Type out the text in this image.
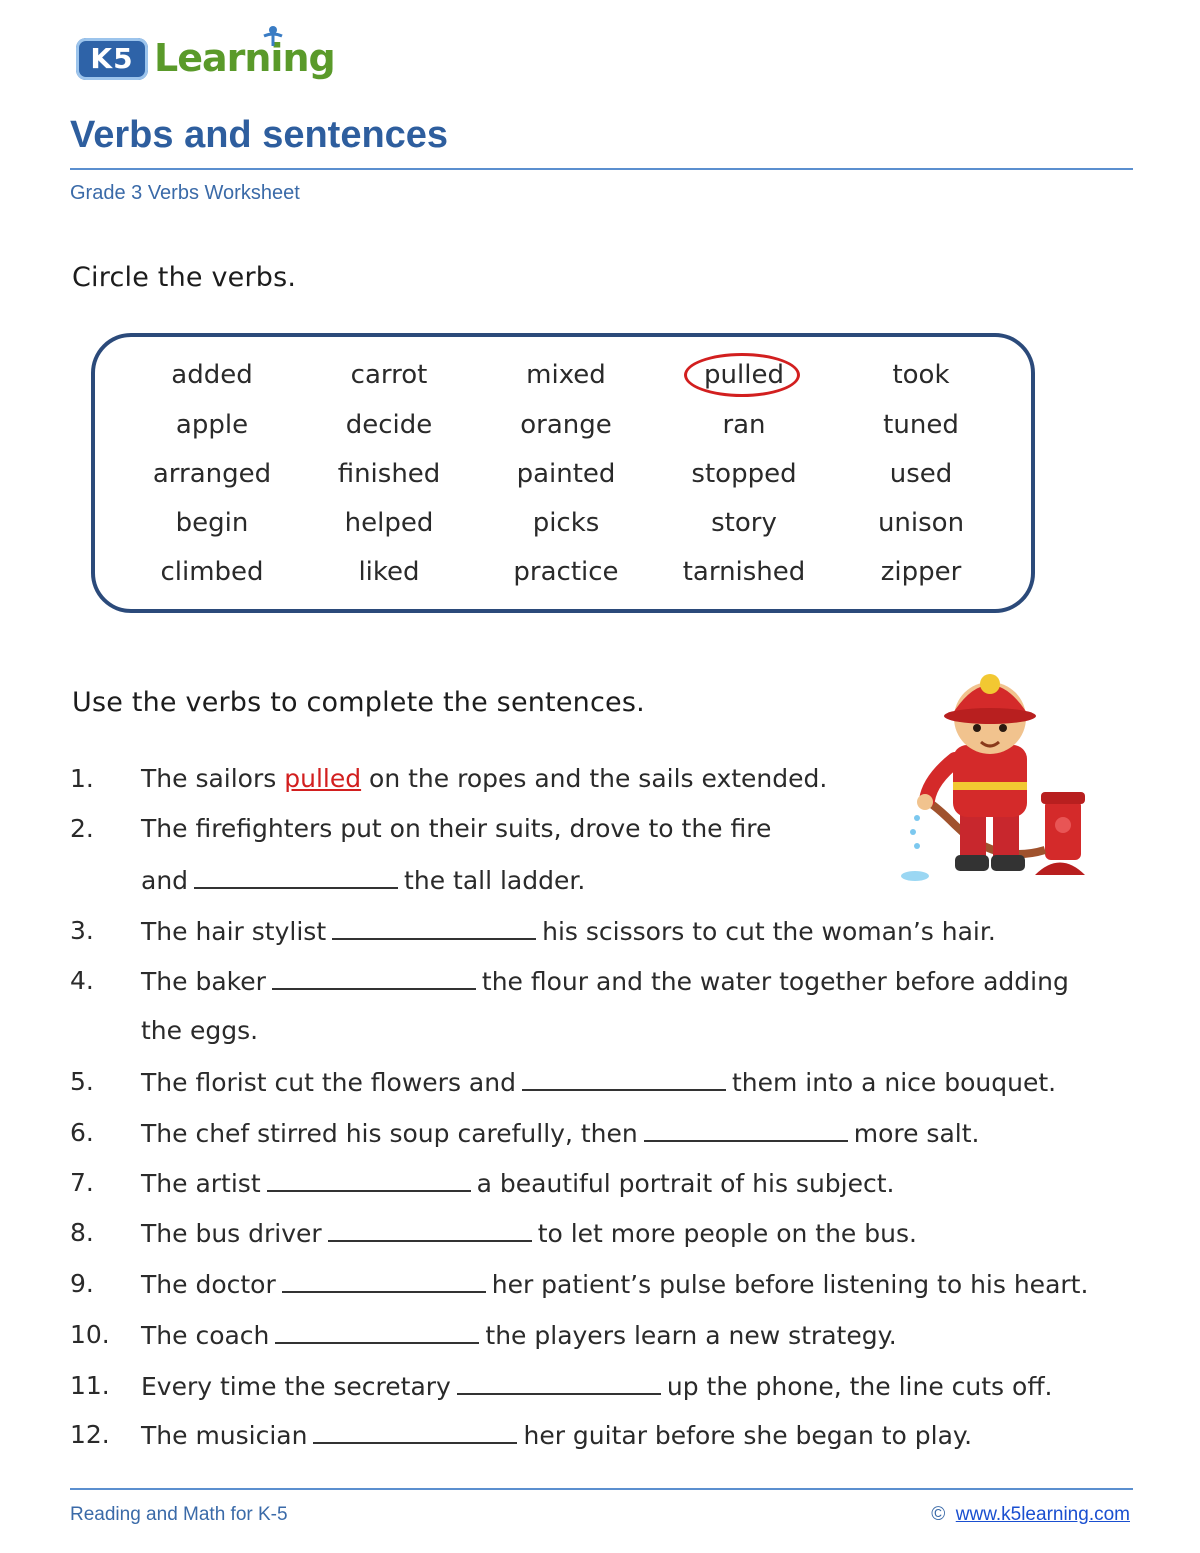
K5 Learning
Verbs and sentences
Grade 3 Verbs Worksheet
Circle the verbs.
added	carrot	mixed	pulled	took
apple	decide	orange	ran	tuned
arranged	finished	painted	stopped	used
begin	helped	picks	story	unison
climbed	liked	practice	tarnished	zipper
Use the verbs to complete the sentences.
1. The sailors pulled on the ropes and the sails extended.
2. The firefighters put on their suits, drove to the fire
and	the tall ladder.
3. The hair stylist	his scissors to cut the woman’s hair.
4. The baker	the flour and the water together before adding
the eggs.
5. The florist cut the flowers and	them into a nice bouquet.
6. The chef stirred his soup carefully, then	more salt.
7. The artist	a beautiful portrait of his subject.
8. The bus driver	to let more people on the bus.
9. The doctor	her patient’s pulse before listening to his heart.
10. The coach	the players learn a new strategy.
11. Every time the secretary	up the phone, the line cuts off.
12. The musician	her guitar before she began to play.
Reading and Math for K-5	© www.k5learning.com
